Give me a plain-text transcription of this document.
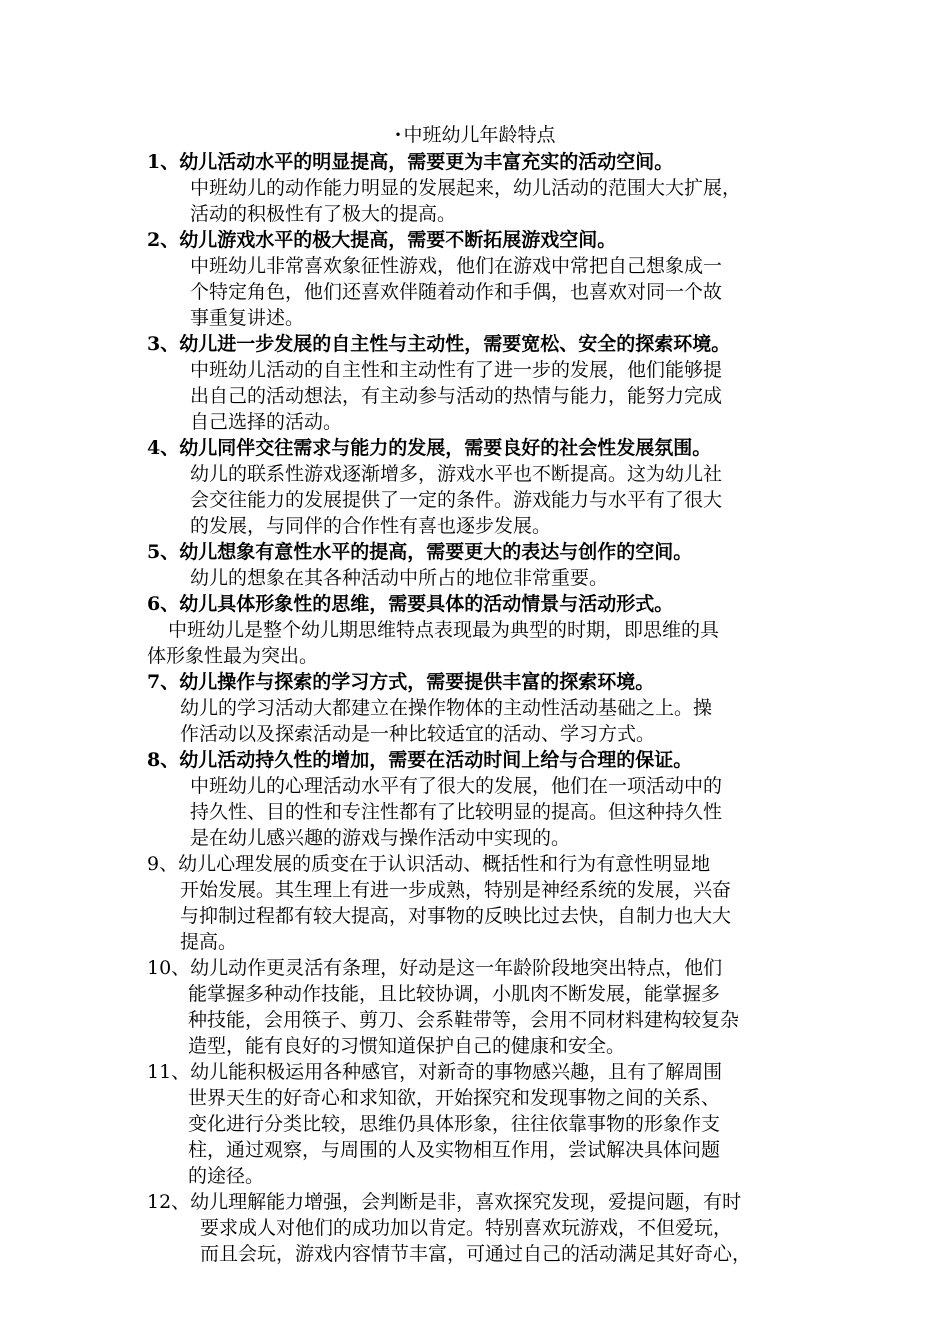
• 中班幼儿年龄特点
1、幼儿活动水平的明显提高，需要更为丰富充实的活动空间。
中班幼儿的动作能力明显的发展起来，幼儿活动的范围大大扩展，
活动的积极性有了极大的提高。
2、幼儿游戏水平的极大提高，需要不断拓展游戏空间。
中班幼儿非常喜欢象征性游戏，他们在游戏中常把自己想象成一
个特定角色，他们还喜欢伴随着动作和手偶，也喜欢对同一个故
事重复讲述。
3、幼儿进一步发展的自主性与主动性，需要宽松、安全的探索环境。
中班幼儿活动的自主性和主动性有了进一步的发展，他们能够提
出自己的活动想法，有主动参与活动的热情与能力，能努力完成
自己选择的活动。
4、幼儿同伴交往需求与能力的发展，需要良好的社会性发展氛围。
幼儿的联系性游戏逐渐增多，游戏水平也不断提高。这为幼儿社
会交往能力的发展提供了一定的条件。游戏能力与水平有了很大
的发展，与同伴的合作性有喜也逐步发展。
5、幼儿想象有意性水平的提高，需要更大的表达与创作的空间。
幼儿的想象在其各种活动中所占的地位非常重要。
6、幼儿具体形象性的思维，需要具体的活动情景与活动形式。
中班幼儿是整个幼儿期思维特点表现最为典型的时期，即思维的具
体形象性最为突出。
7、幼儿操作与探索的学习方式，需要提供丰富的探索环境。
幼儿的学习活动大都建立在操作物体的主动性活动基础之上。操
作活动以及探索活动是一种比较适宜的活动、学习方式。
8、幼儿活动持久性的增加，需要在活动时间上给与合理的保证。
中班幼儿的心理活动水平有了很大的发展，他们在一项活动中的
持久性、目的性和专注性都有了比较明显的提高。但这种持久性
是在幼儿感兴趣的游戏与操作活动中实现的。
9、幼儿心理发展的质变在于认识活动、概括性和行为有意性明显地
开始发展。其生理上有进一步成熟，特别是神经系统的发展，兴奋
与抑制过程都有较大提高，对事物的反映比过去快，自制力也大大
提高。
10、幼儿动作更灵活有条理，好动是这一年龄阶段地突出特点，他们
能掌握多种动作技能，且比较协调，小肌肉不断发展，能掌握多
种技能，会用筷子、剪刀、会系鞋带等，会用不同材料建构较复杂
造型，能有良好的习惯知道保护自己的健康和安全。
11、幼儿能积极运用各种感官，对新奇的事物感兴趣，且有了解周围
世界天生的好奇心和求知欲，开始探究和发现事物之间的关系、
变化进行分类比较，思维仍具体形象，往往依靠事物的形象作支
柱，通过观察，与周围的人及实物相互作用，尝试解决具体问题
的途径。
12、幼儿理解能力增强，会判断是非，喜欢探究发现，爱提问题，有时
要求成人对他们的成功加以肯定。特别喜欢玩游戏，不但爱玩，
而且会玩，游戏内容情节丰富，可通过自己的活动满足其好奇心，
